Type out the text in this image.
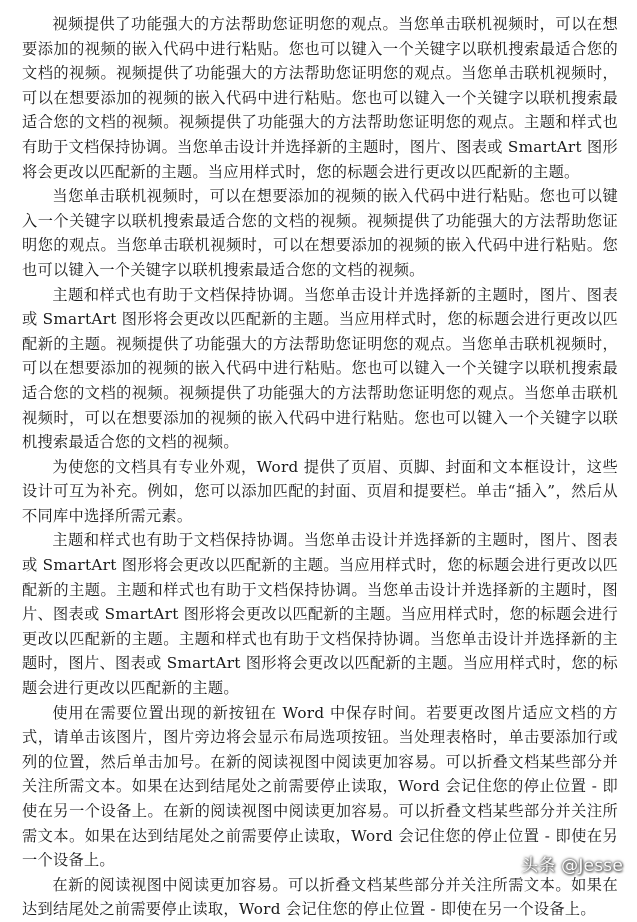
视频提供了功能强大的方法帮助您证明您的观点。当您单击联机视频时，可以在想要添加的视频的嵌入代码中进行粘贴。您也可以键入一个关键字以联机搜索最适合您的文档的视频。视频提供了功能强大的方法帮助您证明您的观点。当您单击联机视频时，可以在想要添加的视频的嵌入代码中进行粘贴。您也可以键入一个关键字以联机搜索最适合您的文档的视频。视频提供了功能强大的方法帮助您证明您的观点。主题和样式也有助于文档保持协调。当您单击设计并选择新的主题时，图片、图表或 SmartArt 图形将会更改以匹配新的主题。当应用样式时，您的标题会进行更改以匹配新的主题。

当您单击联机视频时，可以在想要添加的视频的嵌入代码中进行粘贴。您也可以键入一个关键字以联机搜索最适合您的文档的视频。视频提供了功能强大的方法帮助您证明您的观点。当您单击联机视频时，可以在想要添加的视频的嵌入代码中进行粘贴。您也可以键入一个关键字以联机搜索最适合您的文档的视频。

主题和样式也有助于文档保持协调。当您单击设计并选择新的主题时，图片、图表或 SmartArt 图形将会更改以匹配新的主题。当应用样式时，您的标题会进行更改以匹配新的主题。视频提供了功能强大的方法帮助您证明您的观点。当您单击联机视频时，可以在想要添加的视频的嵌入代码中进行粘贴。您也可以键入一个关键字以联机搜索最适合您的文档的视频。视频提供了功能强大的方法帮助您证明您的观点。当您单击联机视频时，可以在想要添加的视频的嵌入代码中进行粘贴。您也可以键入一个关键字以联机搜索最适合您的文档的视频。

为使您的文档具有专业外观，Word 提供了页眉、页脚、封面和文本框设计，这些设计可互为补充。例如，您可以添加匹配的封面、页眉和提要栏。单击“插入”，然后从不同库中选择所需元素。

主题和样式也有助于文档保持协调。当您单击设计并选择新的主题时，图片、图表或 SmartArt 图形将会更改以匹配新的主题。当应用样式时，您的标题会进行更改以匹配新的主题。主题和样式也有助于文档保持协调。当您单击设计并选择新的主题时，图片、图表或 SmartArt 图形将会更改以匹配新的主题。当应用样式时，您的标题会进行更改以匹配新的主题。主题和样式也有助于文档保持协调。当您单击设计并选择新的主题时，图片、图表或 SmartArt 图形将会更改以匹配新的主题。当应用样式时，您的标题会进行更改以匹配新的主题。

使用在需要位置出现的新按钮在 Word 中保存时间。若要更改图片适应文档的方式，请单击该图片，图片旁边将会显示布局选项按钮。当处理表格时，单击要添加行或列的位置，然后单击加号。在新的阅读视图中阅读更加容易。可以折叠文档某些部分并关注所需文本。如果在达到结尾处之前需要停止读取，Word 会记住您的停止位置 - 即使在另一个设备上。在新的阅读视图中阅读更加容易。可以折叠文档某些部分并关注所需文本。如果在达到结尾处之前需要停止读取，Word 会记住您的停止位置 - 即使在另一个设备上。

在新的阅读视图中阅读更加容易。可以折叠文档某些部分并关注所需文本。如果在达到结尾处之前需要停止读取，Word 会记住您的停止位置 - 即使在另一个设备上。

头条 @Jesse
